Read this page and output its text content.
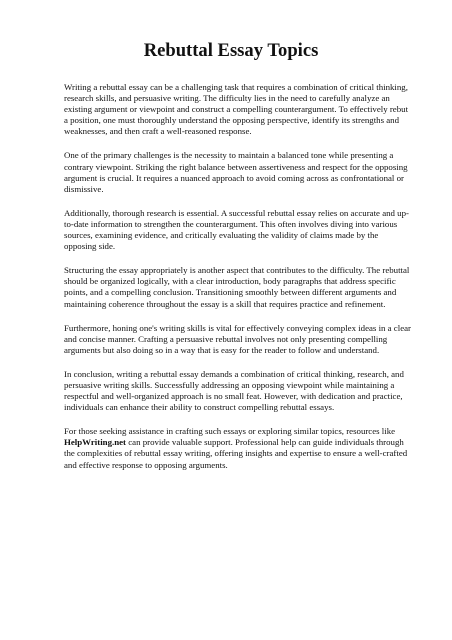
Rebuttal Essay Topics

Writing a rebuttal essay can be a challenging task that requires a combination of critical thinking, research skills, and persuasive writing. The difficulty lies in the need to carefully analyze an existing argument or viewpoint and construct a compelling counterargument. To effectively rebut a position, one must thoroughly understand the opposing perspective, identify its strengths and weaknesses, and then craft a well-reasoned response.

One of the primary challenges is the necessity to maintain a balanced tone while presenting a contrary viewpoint. Striking the right balance between assertiveness and respect for the opposing argument is crucial. It requires a nuanced approach to avoid coming across as confrontational or dismissive.

Additionally, thorough research is essential. A successful rebuttal essay relies on accurate and up-to-date information to strengthen the counterargument. This often involves diving into various sources, examining evidence, and critically evaluating the validity of claims made by the opposing side.

Structuring the essay appropriately is another aspect that contributes to the difficulty. The rebuttal should be organized logically, with a clear introduction, body paragraphs that address specific points, and a compelling conclusion. Transitioning smoothly between different arguments and maintaining coherence throughout the essay is a skill that requires practice and refinement.

Furthermore, honing one's writing skills is vital for effectively conveying complex ideas in a clear and concise manner. Crafting a persuasive rebuttal involves not only presenting compelling arguments but also doing so in a way that is easy for the reader to follow and understand.

In conclusion, writing a rebuttal essay demands a combination of critical thinking, research, and persuasive writing skills. Successfully addressing an opposing viewpoint while maintaining a respectful and well-organized approach is no small feat. However, with dedication and practice, individuals can enhance their ability to construct compelling rebuttal essays.

For those seeking assistance in crafting such essays or exploring similar topics, resources like HelpWriting.net can provide valuable support. Professional help can guide individuals through the complexities of rebuttal essay writing, offering insights and expertise to ensure a well-crafted and effective response to opposing arguments.
